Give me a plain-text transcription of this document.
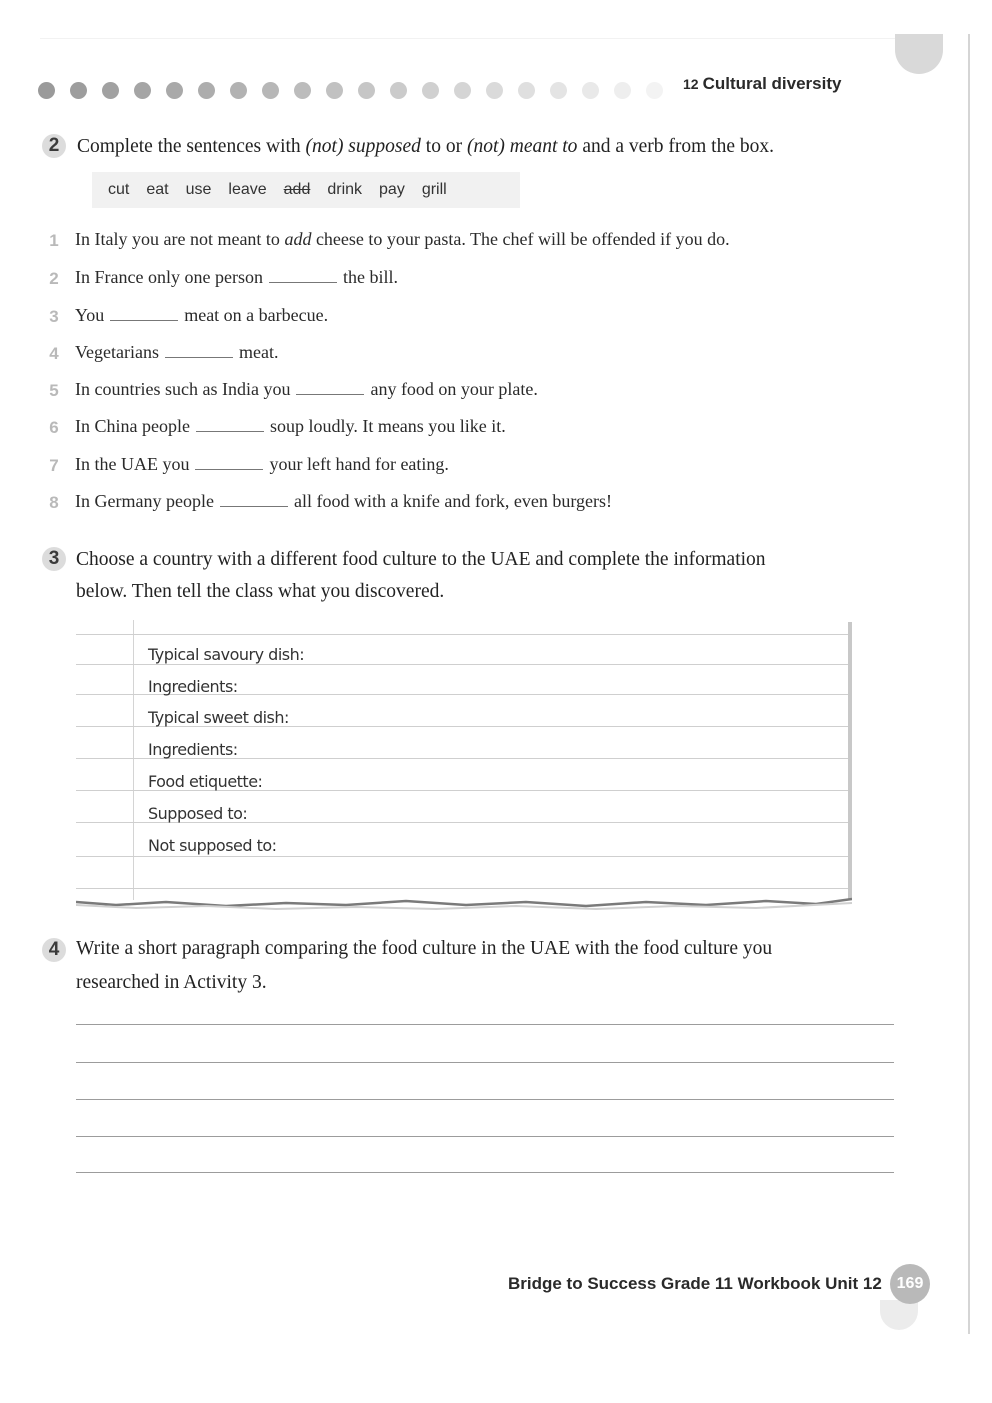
12 Cultural diversity
2 Complete the sentences with (not) supposed to or (not) meant to and a verb from the box.
cut eat use leave add drink pay grill
1 In Italy you are not meant to add cheese to your pasta. The chef will be offended if you do.
2 In France only one person	the bill.
3 You	meat on a barbecue.
4 Vegetarians	meat.
5 In countries such as India you	any food on your plate.
6 In China people	soup loudly. It means you like it.
7 In the UAE you	your left hand for eating.
8 In Germany people	all food with a knife and fork, even burgers!
3 Choose a country with a different food culture to the UAE and complete the information
below. Then tell the class what you discovered.
Typical savoury dish:
Ingredients:
Typical sweet dish:
Ingredients:
Food etiquette:
Supposed to:
Not supposed to:
4 Write a short paragraph comparing the food culture in the UAE with the food culture you
researched in Activity 3.
Bridge to Success Grade 11 Workbook Unit 12 169
